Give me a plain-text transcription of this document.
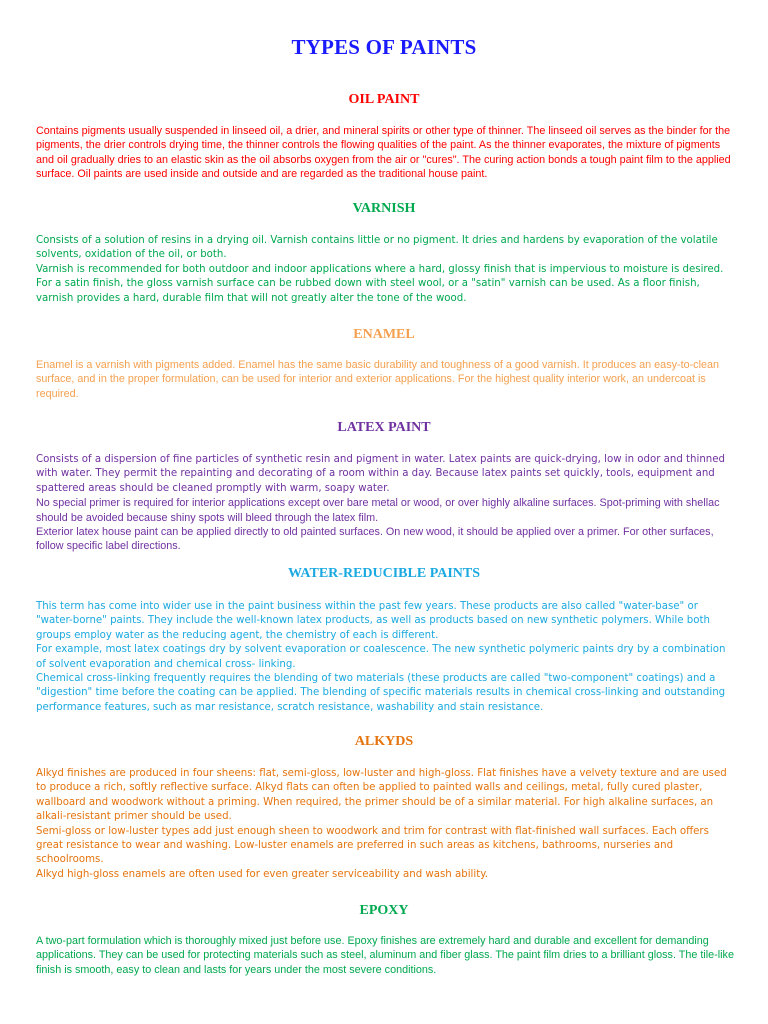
TYPES OF PAINTS
OIL PAINT
Contains pigments usually suspended in linseed oil, a drier, and mineral spirits or other type of thinner. The linseed oil serves as the binder for the pigments, the drier controls drying time, the thinner controls the flowing qualities of the paint. As the thinner evaporates, the mixture of pigments and oil gradually dries to an elastic skin as the oil absorbs oxygen from the air or "cures". The curing action bonds a tough paint film to the applied surface. Oil paints are used inside and outside and are regarded as the traditional house paint.
VARNISH
Consists of a solution of resins in a drying oil. Varnish contains little or no pigment. It dries and hardens by evaporation of the volatile solvents, oxidation of the oil, or both.
Varnish is recommended for both outdoor and indoor applications where a hard, glossy finish that is impervious to moisture is desired. For a satin finish, the gloss varnish surface can be rubbed down with steel wool, or a "satin" varnish can be used. As a floor finish, varnish provides a hard, durable film that will not greatly alter the tone of the wood.
ENAMEL
Enamel is a varnish with pigments added. Enamel has the same basic durability and toughness of a good varnish. It produces an easy-to-clean surface, and in the proper formulation, can be used for interior and exterior applications. For the highest quality interior work, an undercoat is required.
LATEX PAINT
Consists of a dispersion of fine particles of synthetic resin and pigment in water. Latex paints are quick-drying, low in odor and thinned with water. They permit the repainting and decorating of a room within a day. Because latex paints set quickly, tools, equipment and spattered areas should be cleaned promptly with warm, soapy water.
No special primer is required for interior applications except over bare metal or wood, or over highly alkaline surfaces. Spot-priming with shellac should be avoided because shiny spots will bleed through the latex film.
Exterior latex house paint can be applied directly to old painted surfaces. On new wood, it should be applied over a primer. For other surfaces, follow specific label directions.
WATER-REDUCIBLE PAINTS
This term has come into wider use in the paint business within the past few years. These products are also called "water-base" or "water-borne" paints. They include the well-known latex products, as well as products based on new synthetic polymers. While both groups employ water as the reducing agent, the chemistry of each is different.
For example, most latex coatings dry by solvent evaporation or coalescence. The new synthetic polymeric paints dry by a combination of solvent evaporation and chemical cross- linking.
Chemical cross-linking frequently requires the blending of two materials (these products are called "two-component" coatings) and a "digestion" time before the coating can be applied. The blending of specific materials results in chemical cross-linking and outstanding performance features, such as mar resistance, scratch resistance, washability and stain resistance.
ALKYDS
Alkyd finishes are produced in four sheens: flat, semi-gloss, low-luster and high-gloss. Flat finishes have a velvety texture and are used to produce a rich, softly reflective surface. Alkyd flats can often be applied to painted walls and ceilings, metal, fully cured plaster, wallboard and woodwork without a priming. When required, the primer should be of a similar material. For high alkaline surfaces, an alkali-resistant primer should be used.
Semi-gloss or low-luster types add just enough sheen to woodwork and trim for contrast with flat-finished wall surfaces. Each offers great resistance to wear and washing. Low-luster enamels are preferred in such areas as kitchens, bathrooms, nurseries and schoolrooms.
Alkyd high-gloss enamels are often used for even greater serviceability and wash ability.
EPOXY
A two-part formulation which is thoroughly mixed just before use. Epoxy finishes are extremely hard and durable and excellent for demanding applications. They can be used for protecting materials such as steel, aluminum and fiber glass. The paint film dries to a brilliant gloss. The tile-like finish is smooth, easy to clean and lasts for years under the most severe conditions.
